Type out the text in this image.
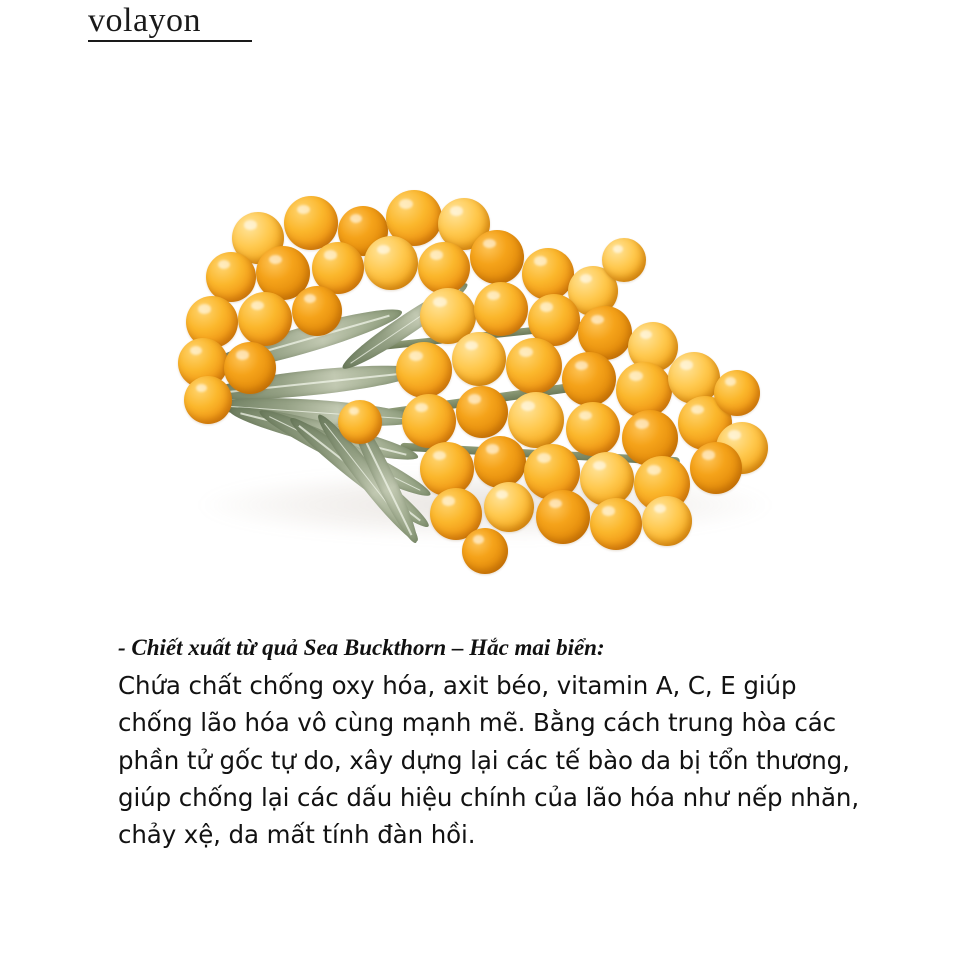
volayon

- Chiết xuất từ quả Sea Buckthorn – Hắc mai biển:

Chứa chất chống oxy hóa, axit béo, vitamin A, C, E giúp chống lão hóa vô cùng mạnh mẽ. Bằng cách trung hòa các phần tử gốc tự do, xây dựng lại các tế bào da bị tổn thương, giúp chống lại các dấu hiệu chính của lão hóa như nếp nhăn, chảy xệ, da mất tính đàn hồi.
